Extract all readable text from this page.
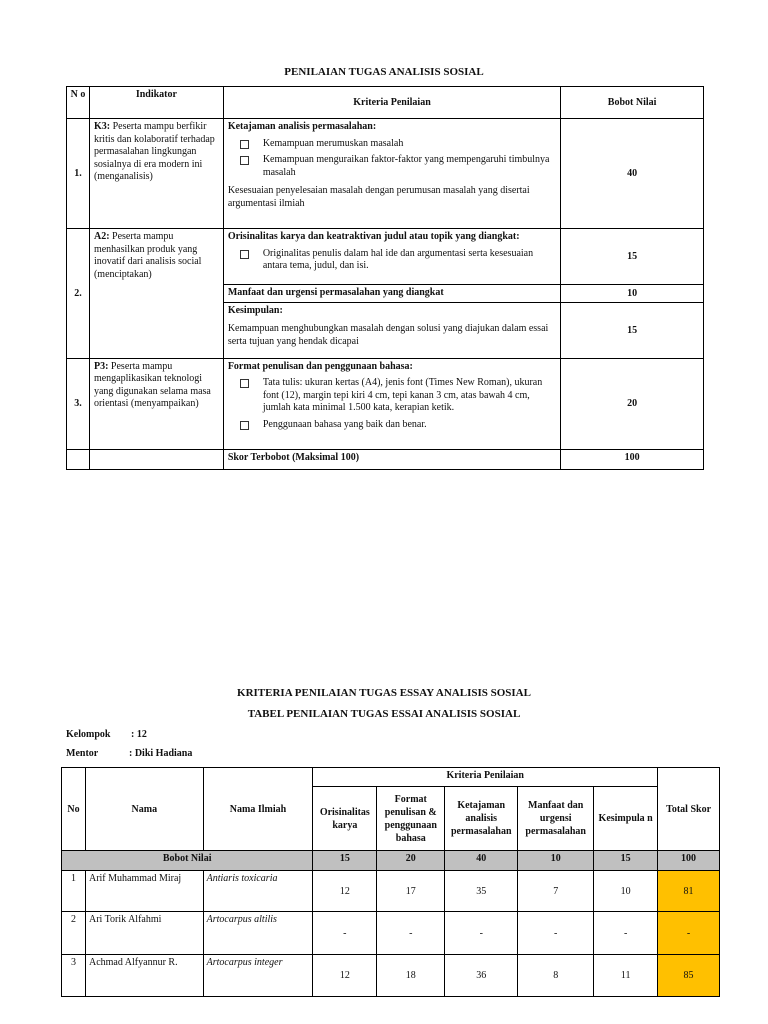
PENILAIAN TUGAS ANALISIS SOSIAL
N o	Indikator	Kriteria Penilaian	Bobot Nilai
1.	K3: Peserta mampu berfikir kritis dan kolaboratif terhadap permasalahan lingkungan sosialnya di era modern ini (menganalisis)	Ketajaman analisis permasalahan:
Kemampuan merumuskan masalah
Kemampuan menguraikan faktor-faktor yang mempengaruhi timbulnya masalah
Kesesuaian penyelesaian masalah dengan perumusan masalah yang disertai argumentasi ilmiah	40
2.	A2: Peserta mampu menhasilkan produk yang inovatif dari analisis social (menciptakan)	Orisinalitas karya dan keatraktivan judul atau topik yang diangkat:
Originalitas penulis dalam hal ide dan argumentasi serta kesesuaian antara tema, judul, dan isi.	15
		Manfaat dan urgensi permasalahan yang diangkat	10

		Kesimpulan:
Kemampuan menghubungkan masalah dengan solusi yang diajukan dalam essai serta tujuan yang hendak dicapai	15
3.	P3: Peserta mampu mengaplikasikan teknologi yang digunakan selama masa orientasi (menyampaikan)	Format penulisan dan penggunaan bahasa:
Tata tulis: ukuran kertas (A4), jenis font (Times New Roman), ukuran font (12), margin tepi kiri 4 cm, tepi kanan 3 cm, atas bawah 4 cm, jumlah kata minimal 1.500 kata, kerapian ketik.
Penggunaan bahasa yang baik dan benar.	20
		Skor Terbobot (Maksimal 100)	100
KRITERIA PENILAIAN TUGAS ESSAY ANALISIS SOSIAL
TABEL PENILAIAN TUGAS ESSAI ANALISIS SOSIAL
Kelompok : 12
Mentor	: Diki Hadiana
No	Nama	Nama Ilmiah	Kriteria Penilaian					Total Skor
			Orisinalitas karya	Format penulisan & penggunaan bahasa	Ketajaman analisis permasalahan	Manfaat dan urgensi permasalahan	Kesimpula n	
Bobot Nilai			15	20	40	10	15	100
1	Arif Muhammad Miraj	Antiaris toxicaria	12	17	35	7	10	81
2	Ari Torik Alfahmi	Artocarpus altilis	-	-	-	-	-	-
3	Achmad Alfyannur R.	Artocarpus integer	12	18	36	8	11	85
